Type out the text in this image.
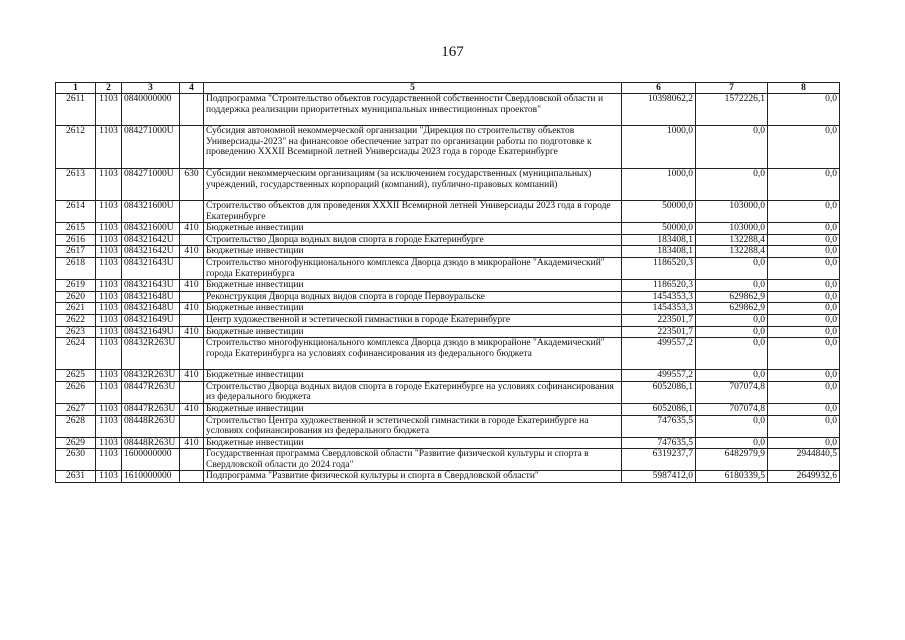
167
1	2	3	4	5	6	7	8
2611	1103	0840000000		Подпрограмма "Строительство объектов государственной собственности Свердловской области и поддержка реализации приоритетных муниципальных инвестиционных проектов"	10398062,2	1572226,1	0,0
2612	1103	084271000U		Субсидия автономной некоммерческой организации "Дирекция по строительству объектов Универсиады-2023" на финансовое обеспечение затрат по организации работы по подготовке к проведению XXXII Всемирной летней Универсиады 2023 года в городе Екатеринбурге	1000,0	0,0	0,0
2613	1103	084271000U	630	Субсидии некоммерческим организациям (за исключением государственных (муниципальных) учреждений, государственных корпораций (компаний), публично-правовых компаний)	1000,0	0,0	0,0
2614	1103	084321600U		Строительство объектов для проведения XXXII Всемирной летней Универсиады 2023 года в городе Екатеринбурге	50000,0	103000,0	0,0
2615	1103	084321600U	410	Бюджетные инвестиции	50000,0	103000,0	0,0
2616	1103	084321642U		Строительство Дворца водных видов спорта в городе Екатеринбурге	183408,1	132288,4	0,0
2617	1103	084321642U	410	Бюджетные инвестиции	183408,1	132288,4	0,0
2618	1103	084321643U		Строительство многофункционального комплекса Дворца дзюдо в микрорайоне "Академический" города Екатеринбурга	1186520,3	0,0	0,0
2619	1103	084321643U	410	Бюджетные инвестиции	1186520,3	0,0	0,0
2620	1103	084321648U		Реконструкция Дворца водных видов спорта в городе Первоуральске	1454353,3	629862,9	0,0
2621	1103	084321648U	410	Бюджетные инвестиции	1454353,3	629862,9	0,0
2622	1103	084321649U		Центр художественной и эстетической гимнастики в городе Екатеринбурге	223501,7	0,0	0,0
2623	1103	084321649U	410	Бюджетные инвестиции	223501,7	0,0	0,0
2624	1103	08432R263U		Строительство многофункционального комплекса Дворца дзюдо в микрорайоне "Академический" города Екатеринбурга на условиях софинансирования из федерального бюджета	499557,2	0,0	0,0
2625	1103	08432R263U	410	Бюджетные инвестиции	499557,2	0,0	0,0
2626	1103	08447R263U		Строительство Дворца водных видов спорта в городе Екатеринбурге на условиях софинансирования из федерального бюджета	6052086,1	707074,8	0,0
2627	1103	08447R263U	410	Бюджетные инвестиции	6052086,1	707074,8	0,0
2628	1103	08448R263U		Строительство Центра художественной и эстетической гимнастики в городе Екатеринбурге на условиях софинансирования из федерального бюджета	747635,5	0,0	0,0
2629	1103	08448R263U	410	Бюджетные инвестиции	747635,5	0,0	0,0
2630	1103	1600000000		Государственная программа Свердловской области "Развитие физической культуры и спорта в Свердловской области до 2024 года"	6319237,7	6482979,9	2944840,5
2631	1103	1610000000		Подпрограмма "Развитие физической культуры и спорта в Свердловской области"	5987412,0	6180339,5	2649932,6
